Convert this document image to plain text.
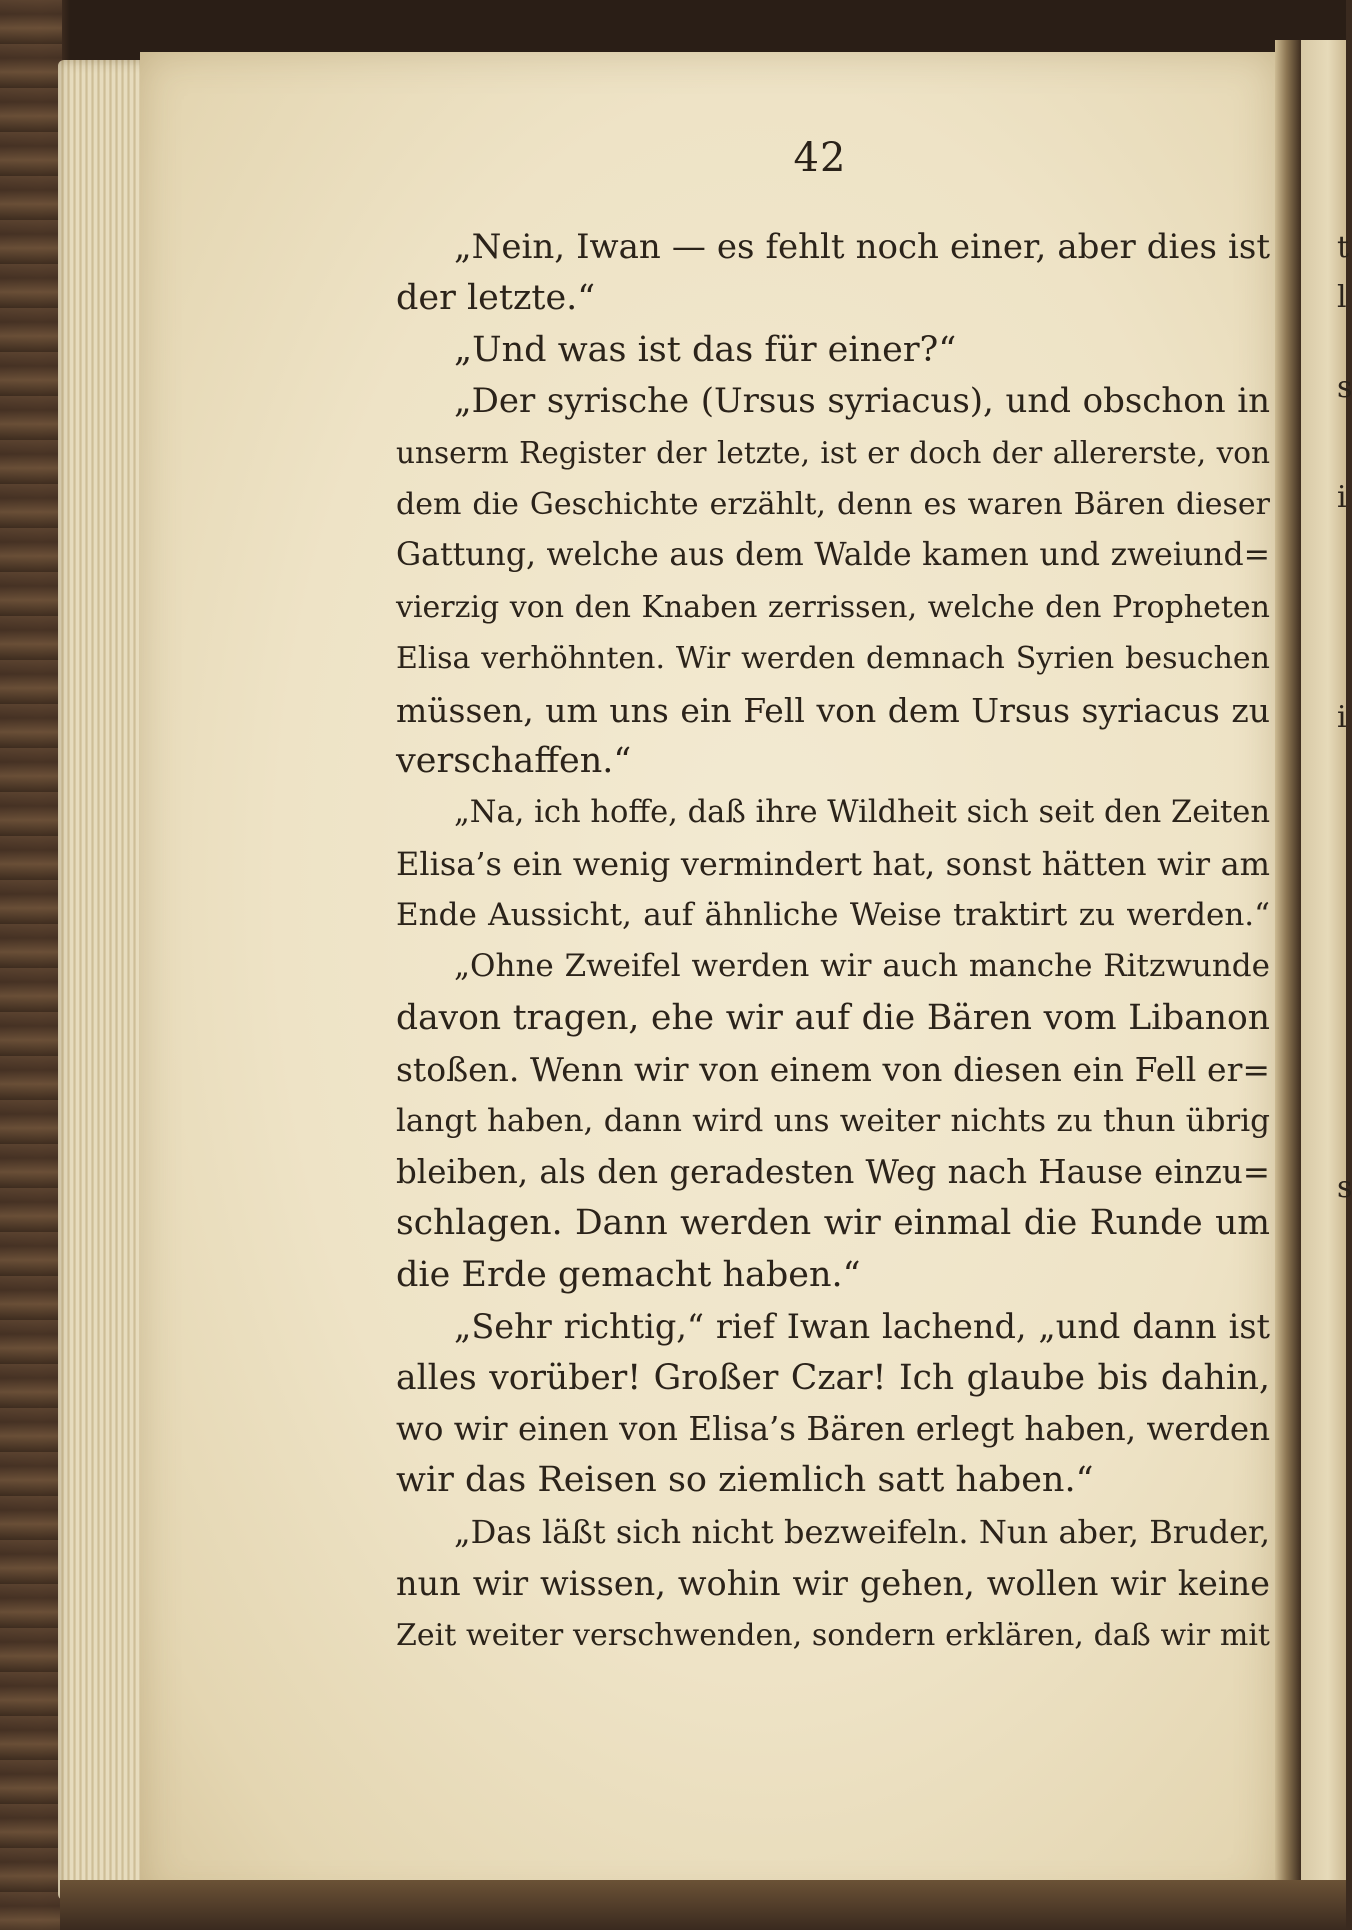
t
l
s
i
i
s
42
„Nein, Iwan — es fehlt noch einer, aber dies ist
der letzte.“
„Und was ist das für einer?“
„Der syrische (Ursus syriacus), und obschon in
unserm Register der letzte, ist er doch der allererste, von
dem die Geschichte erzählt, denn es waren Bären dieser
Gattung, welche aus dem Walde kamen und zweiund=
vierzig von den Knaben zerrissen, welche den Propheten
Elisa verhöhnten. Wir werden demnach Syrien besuchen
müssen, um uns ein Fell von dem Ursus syriacus zu
verschaffen.“
„Na, ich hoffe, daß ihre Wildheit sich seit den Zeiten
Elisa’s ein wenig vermindert hat, sonst hätten wir am
Ende Aussicht, auf ähnliche Weise traktirt zu werden.“
„Ohne Zweifel werden wir auch manche Ritzwunde
davon tragen, ehe wir auf die Bären vom Libanon
stoßen. Wenn wir von einem von diesen ein Fell er=
langt haben, dann wird uns weiter nichts zu thun übrig
bleiben, als den geradesten Weg nach Hause einzu=
schlagen. Dann werden wir einmal die Runde um
die Erde gemacht haben.“
„Sehr richtig,“ rief Iwan lachend, „und dann ist
alles vorüber! Großer Czar! Ich glaube bis dahin,
wo wir einen von Elisa’s Bären erlegt haben, werden
wir das Reisen so ziemlich satt haben.“
„Das läßt sich nicht bezweifeln. Nun aber, Bruder,
nun wir wissen, wohin wir gehen, wollen wir keine
Zeit weiter verschwenden, sondern erklären, daß wir mit
